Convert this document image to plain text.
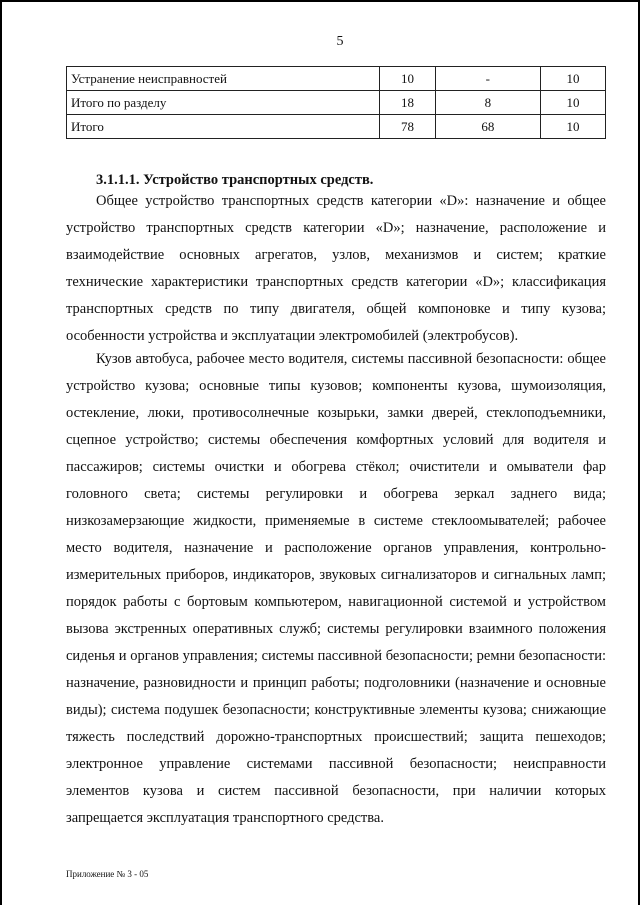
5
Устранение неисправностей	10	-	10
Итого по разделу	18	8	10
Итого	78	68	10
3.1.1.1. Устройство транспортных средств.

Общее устройство транспортных средств категории «D»: назначение и общее устройство транспортных средств категории «D»; назначение, расположение и взаимодействие основных агрегатов, узлов, механизмов и систем; краткие технические характеристики транспортных средств категории «D»; классификация транспортных средств по типу двигателя, общей компоновке и типу кузова; особенности устройства и эксплуатации электромобилей (электробусов).

Кузов автобуса, рабочее место водителя, системы пассивной безопасности: общее устройство кузова; основные типы кузовов; компоненты кузова, шумоизоляция, остекление, люки, противосолнечные козырьки, замки дверей, стеклоподъемники, сцепное устройство; системы обеспечения комфортных условий для водителя и пассажиров; системы очистки и обогрева стёкол; очистители и омыватели фар головного света; системы регулировки и обогрева зеркал заднего вида; низкозамерзающие жидкости, применяемые в системе стеклоомывателей; рабочее место водителя, назначение и расположение органов управления, контрольно-измерительных приборов, индикаторов, звуковых сигнализаторов и сигнальных ламп; порядок работы с бортовым компьютером, навигационной системой и устройством вызова экстренных оперативных служб; системы регулировки взаимного положения сиденья и органов управления; системы пассивной безопасности; ремни безопасности: назначение, разновидности и принцип работы; подголовники (назначение и основные виды); система подушек безопасности; конструктивные элементы кузова; снижающие тяжесть последствий дорожно-транспортных происшествий; защита пешеходов; электронное управление системами пассивной безопасности; неисправности элементов кузова и систем пассивной безопасности, при наличии которых запрещается эксплуатация транспортного средства.

Приложение № 3 - 05
